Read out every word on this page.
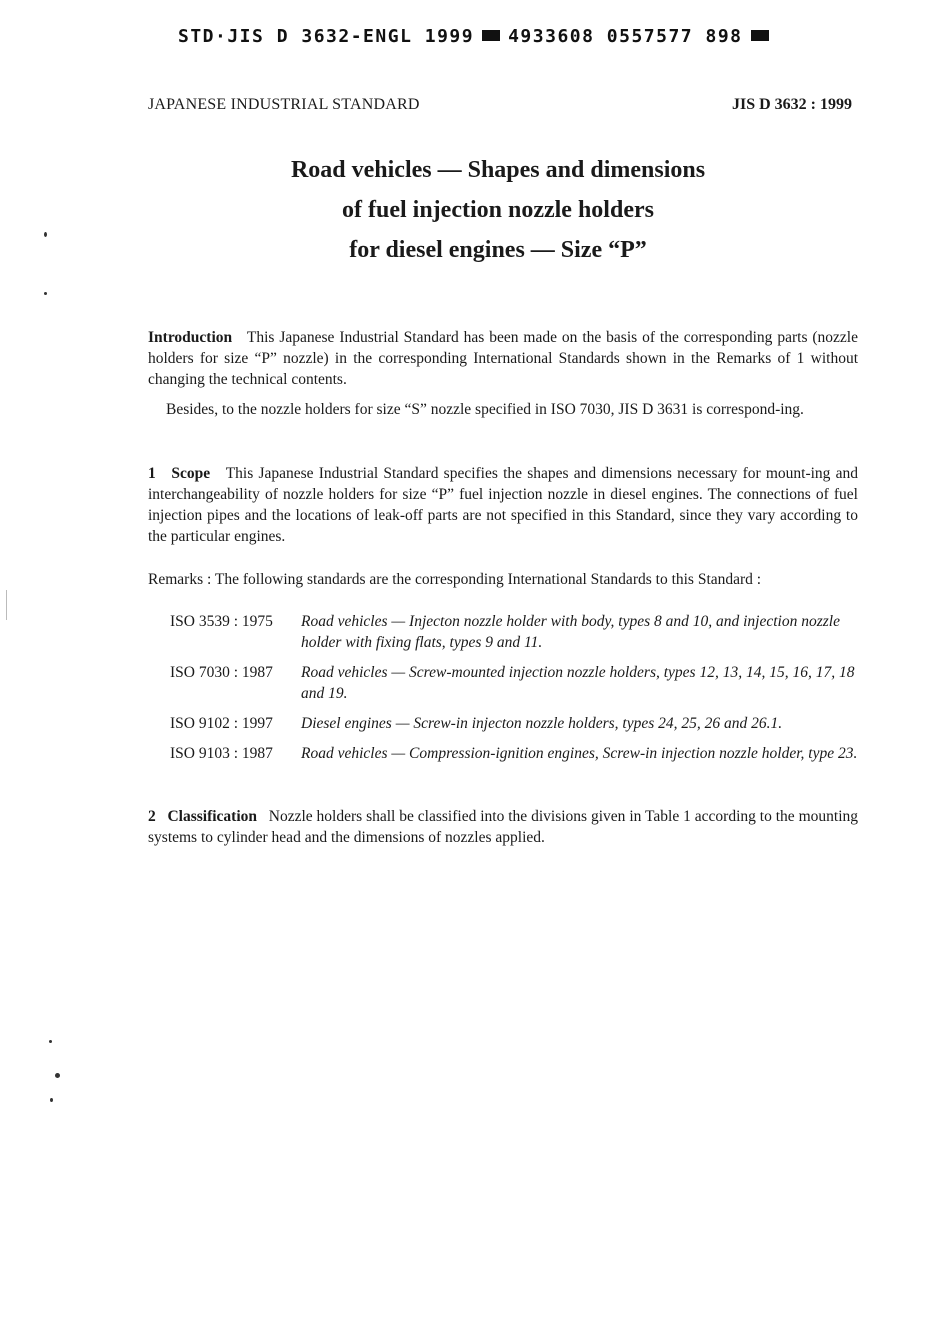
STD·JIS D 3632-ENGL 1999 4933608 0557577 898
JAPANESE INDUSTRIAL STANDARD	JIS D 3632 : 1999
Road vehicles — Shapes and dimensions
of fuel injection nozzle holders
for diesel engines — Size “P”
Introduction This Japanese Industrial Standard has been made on the basis of the corresponding parts (nozzle holders for size “P” nozzle) in the corresponding International Standards shown in the Remarks of 1 without changing the technical contents.
Besides, to the nozzle holders for size “S” nozzle specified in ISO 7030, JIS D 3631 is correspond-ing.
1 Scope This Japanese Industrial Standard specifies the shapes and dimensions necessary for mount-ing and interchangeability of nozzle holders for size “P” fuel injection nozzle in diesel engines. The connections of fuel injection pipes and the locations of leak-off parts are not specified in this Standard, since they vary according to the particular engines.
Remarks : The following standards are the corresponding International Standards to this Standard :
ISO 3539 : 1975	Road vehicles — Injecton nozzle holder with body, types 8 and 10, and injection nozzle holder with fixing flats, types 9 and 11.
ISO 7030 : 1987	Road vehicles — Screw-mounted injection nozzle holders, types 12, 13, 14, 15, 16, 17, 18 and 19.
ISO 9102 : 1997	Diesel engines — Screw-in injecton nozzle holders, types 24, 25, 26 and 26.1.
ISO 9103 : 1987	Road vehicles — Compression-ignition engines, Screw-in injection nozzle holder, type 23.
2 Classification Nozzle holders shall be classified into the divisions given in Table 1 according to the mounting systems to cylinder head and the dimensions of nozzles applied.
